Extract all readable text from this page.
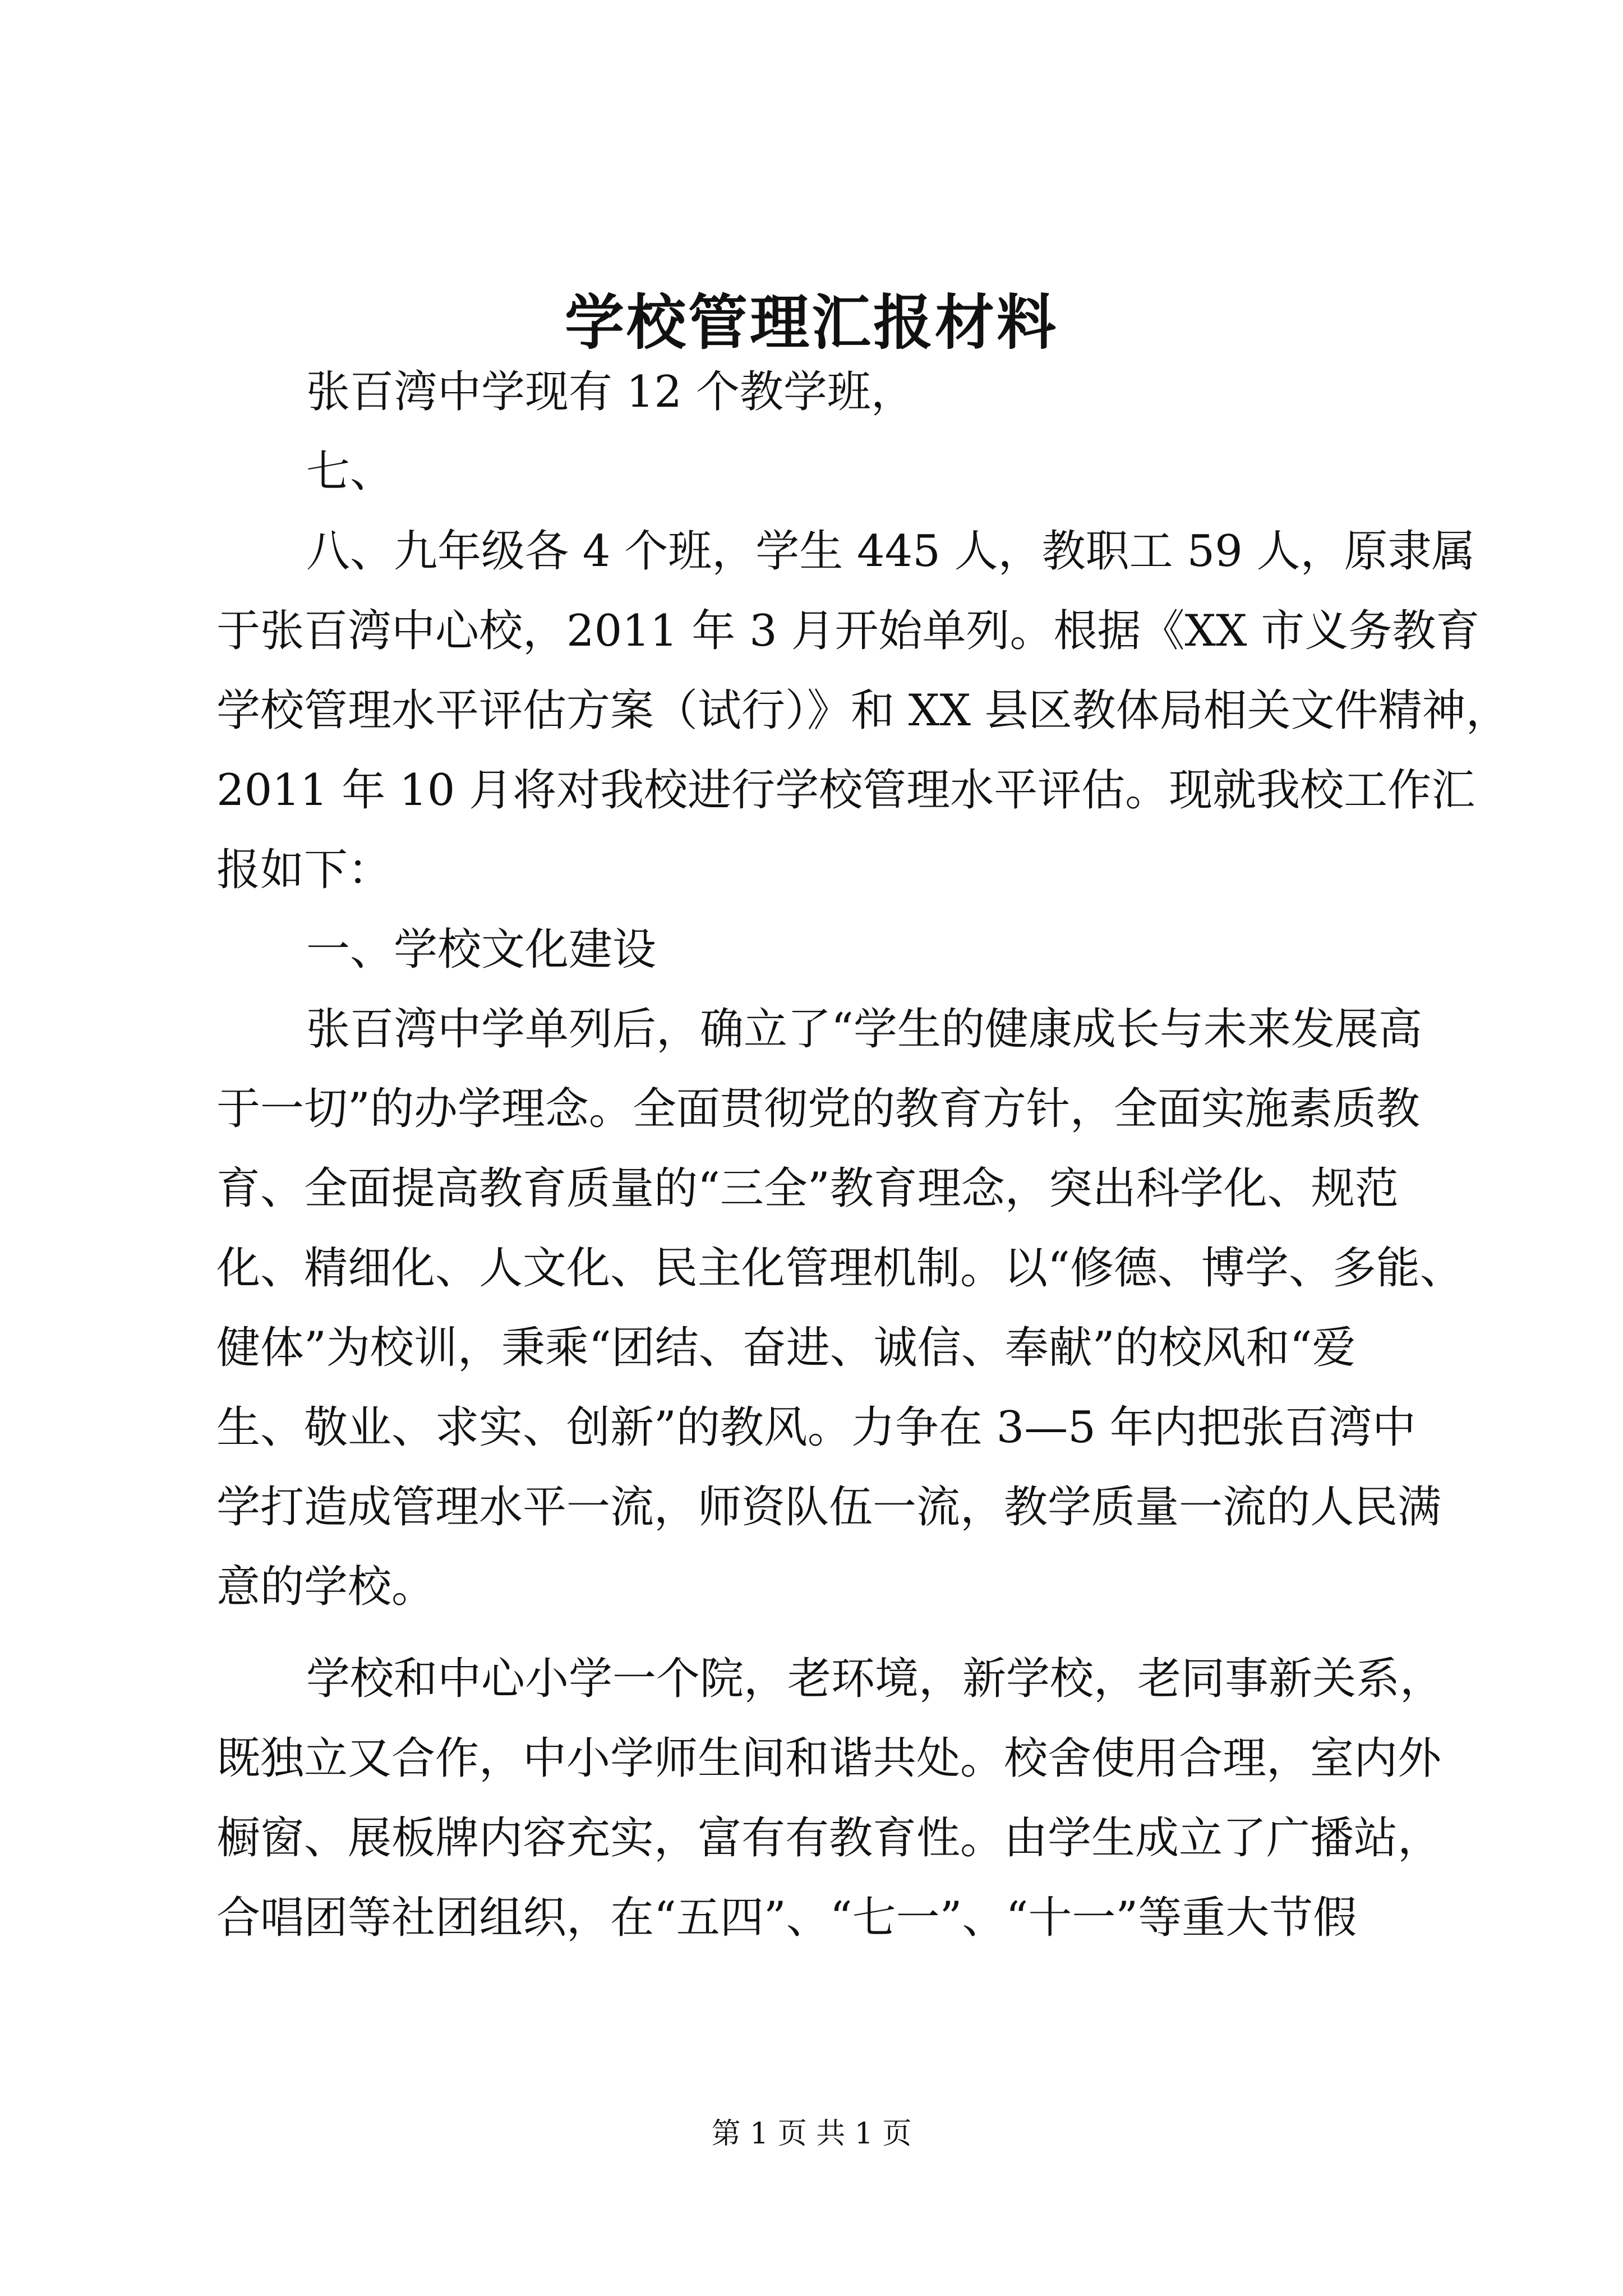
学校管理汇报材料
张百湾中学现有 12 个教学班，
七、
八、九年级各 4 个班，学生 445 人，教职工 59 人，原隶属
于张百湾中心校，2011 年 3 月开始单列。根据《XX 市义务教育
学校管理水平评估方案（试行）》和 XX 县区教体局相关文件精神，
2011 年 10 月将对我校进行学校管理水平评估。现就我校工作汇
报如下：
一、学校文化建设
张百湾中学单列后，确立了“学生的健康成长与未来发展高
于一切”的办学理念。全面贯彻党的教育方针，全面实施素质教
育、全面提高教育质量的“三全”教育理念，突出科学化、规范
化、精细化、人文化、民主化管理机制。以“修德、博学、多能、
健体”为校训，秉乘“团结、奋进、诚信、奉献”的校风和“爱
生、敬业、求实、创新”的教风。力争在 3—5 年内把张百湾中
学打造成管理水平一流，师资队伍一流，教学质量一流的人民满
意的学校。
学校和中心小学一个院，老环境，新学校，老同事新关系，
既独立又合作，中小学师生间和谐共处。校舍使用合理，室内外
橱窗、展板牌内容充实，富有有教育性。由学生成立了广播站，
合唱团等社团组织，在“五四”、“七一”、“十一”等重大节假
第 1 页 共 1 页
